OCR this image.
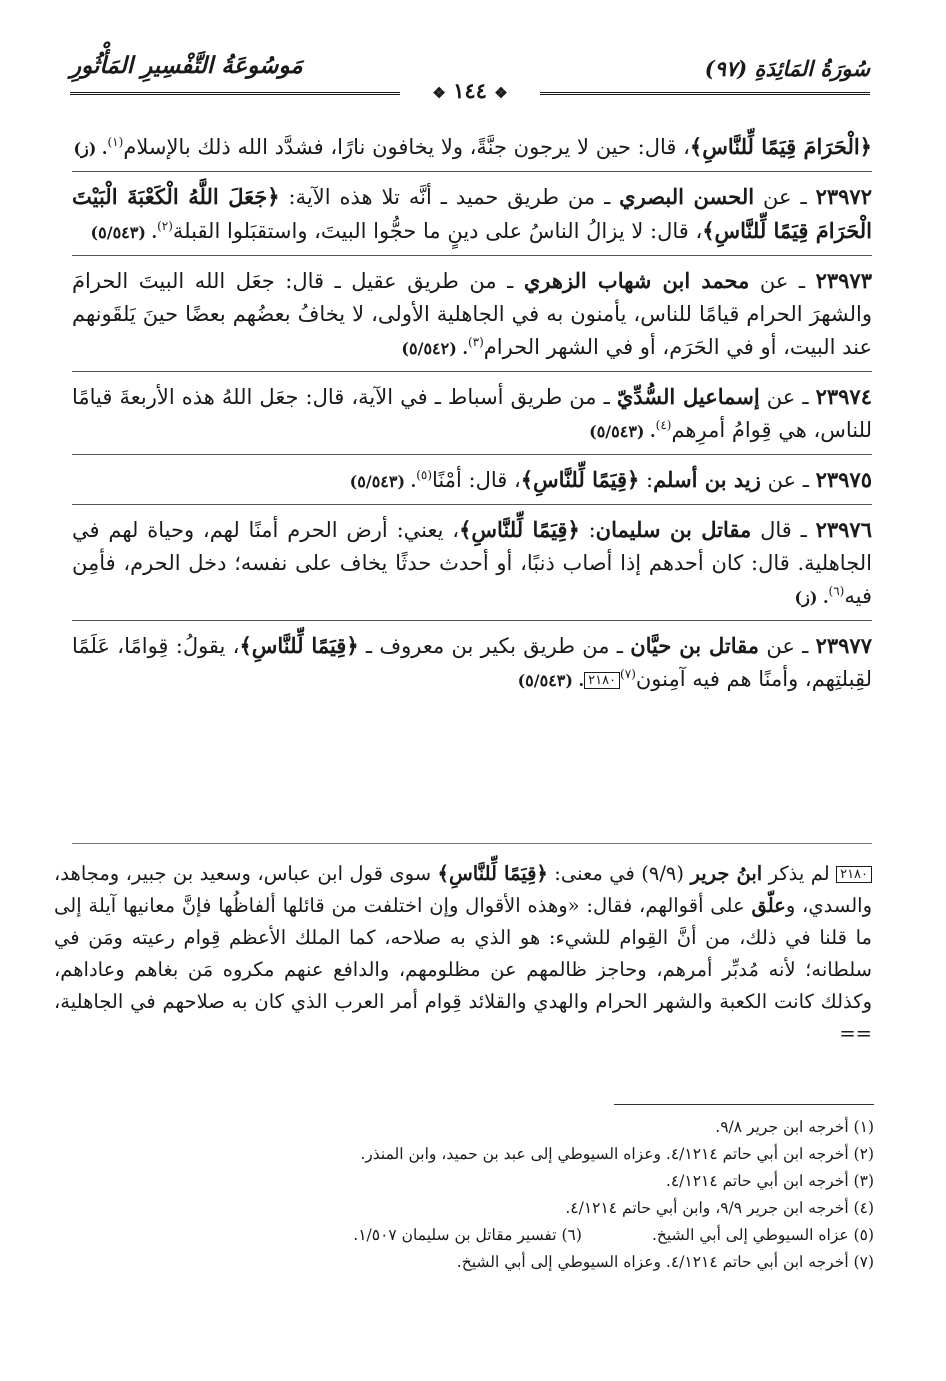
سُورَةُ المَائِدَةِ (٩٧)
مَوسُوعَةُ التَّفْسِيرِ المَأْثُورِ
❖ ١٤٤ ❖

﴿الْحَرَامَ قِيَمًا لِّلنَّاسِ﴾، قال: حين لا يرجون جنَّةً، ولا يخافون نارًا، فشدَّد الله ذلك بالإسلام$^{(١)}$. (ز)

٢٣٩٧٢ ـ عن الحسن البصري ـ من طريق حميد ـ أنَّه تلا هذه الآية: ﴿جَعَلَ اللَّهُ الْكَعْبَةَ الْبَيْتَ الْحَرَامَ قِيَمًا لِّلنَّاسِ﴾، قال: لا يزالُ الناسُ على دينٍ ما حجُّوا البيتَ، واستقبَلوا القبلة$^{(٢)}$. (٥/٥٤٣)

٢٣٩٧٣ ـ عن محمد ابن شهاب الزهري ـ من طريق عقيل ـ قال: جعَل الله البيتَ الحرامَ والشهرَ الحرام قيامًا للناس، يأمنون به في الجاهلية الأولى، لا يخافُ بعضُهم بعضًا حينَ يَلقَونهم عند البيت، أو في الحَرَم، أو في الشهر الحرام$^{(٣)}$. (٥/٥٤٢)

٢٣٩٧٤ ـ عن إسماعيل السُّدِّيّ ـ من طريق أسباط ـ في الآية، قال: جعَل اللهُ هذه الأربعةَ قيامًا للناس، هي قِوامُ أمرِهم$^{(٤)}$. (٥/٥٤٣)

٢٣٩٧٥ ـ عن زيد بن أسلم: ﴿قِيَمًا لِّلنَّاسِ﴾، قال: أمْنًا$^{(٥)}$. (٥/٥٤٣)

٢٣٩٧٦ ـ قال مقاتل بن سليمان: ﴿قِيَمًا لِّلنَّاسِ﴾، يعني: أرض الحرم أمنًا لهم، وحياة لهم في الجاهلية. قال: كان أحدهم إذا أصاب ذنبًا، أو أحدث حدثًا يخاف على نفسه؛ دخل الحرم، فأمِن فيه$^{(٦)}$. (ز)

٢٣٩٧٧ ـ عن مقاتل بن حيَّان ـ من طريق بكير بن معروف ـ ﴿قِيَمًا لِّلنَّاسِ﴾، يقولُ: قِوامًا، عَلَمًا لقِبلتِهم، وأمنًا هم فيه آمِنون$^{(٧)}$٢١٨٠. (٥/٥٤٣)

٢١٨٠ لم يذكر ابنُ جرير (٩/٩) في معنى: ﴿قِيَمًا لِّلنَّاسِ﴾ سوى قول ابن عباس، وسعيد بن جبير، ومجاهد، والسدي، وعلّق على أقوالهم، فقال: «وهذه الأقوال وإن اختلفت من قائلها ألفاظُها فإنَّ معانيها آيلة إلى ما قلنا في ذلك، من أنَّ القِوام للشيء: هو الذي به صلاحه، كما الملك الأعظم قِوام رعيته ومَن في سلطانه؛ لأنه مُدبِّر أمرهم، وحاجز ظالمهم عن مظلومهم، والدافع عنهم مكروه مَن بغاهم وعاداهم، وكذلك كانت الكعبة والشهر الحرام والهدي والقلائد قِوام أمر العرب الذي كان به صلاحهم في الجاهلية، ==

(١) أخرجه ابن جرير ٩/٨.

(٢) أخرجه ابن أبي حاتم ٤/١٢١٤. وعزاه السيوطي إلى عبد بن حميد، وابن المنذر.

(٣) أخرجه ابن أبي حاتم ٤/١٢١٤.

(٤) أخرجه ابن جرير ٩/٩، وابن أبي حاتم ٤/١٢١٤.

(٥) عزاه السيوطي إلى أبي الشيخ.(٦) تفسير مقاتل بن سليمان ١/٥٠٧.

(٧) أخرجه ابن أبي حاتم ٤/١٢١٤. وعزاه السيوطي إلى أبي الشيخ.
